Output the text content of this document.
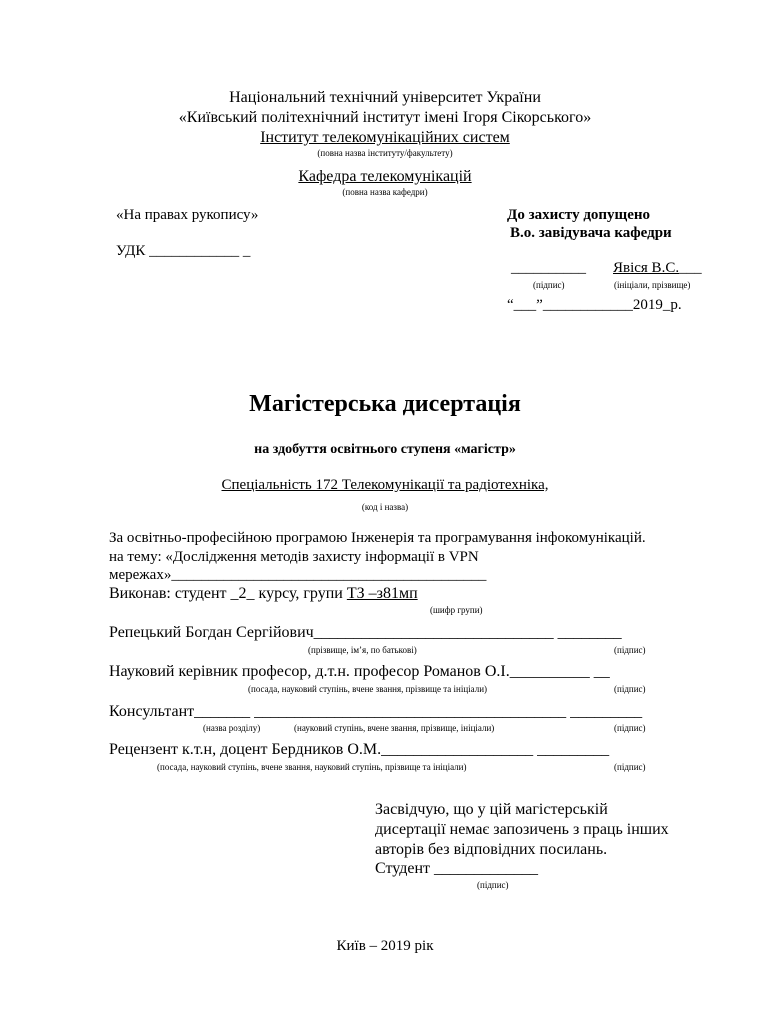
Національний технічний університет України
«Київський політехнічний інститут імені Ігоря Сікорського»
Інститут телекомунікаційних систем
(повна назва інституту/факультету)
Кафедра телекомунікацій
(повна назва кафедри)
«На правах рукопису»
УДК ____________ _
До захисту допущено
В.о. завідувача кафедри
__________ Явіся В.С.___
(підпис)	(ініціали, прізвище)
“___”____________2019_р.
Магістерська дисертація
на здобуття освітнього ступеня «магістр»
Спеціальність 172 Телекомунікації та радіотехніка,
(код і назва)
За освітньо-професійною програмою Інженерія та програмування інфокомунікацій.
на тему: «Дослідження методів захисту інформації в VPN
мережах»__________________________________________
Виконав: студент _2_ курсу, групи ТЗ –з81мп
(шифр групи)
Репецький Богдан Сергійович______________________________ ________
(прізвище, ім’я, по батькові)	(підпис)
Науковий керівник професор, д.т.н. професор Романов О.І.__________ __
(посада, науковий ступінь, вчене звання, прізвище та ініціали)	(підпис)
Консультант_______ _______________________________________ _________
(назва розділу)	(науковий ступінь, вчене звання, прізвище, ініціали)	(підпис)
Рецензент к.т.н, доцент Бердников О.М.___________________ _________
(посада, науковий ступінь, вчене звання, науковий ступінь, прізвище та ініціали)	(підпис)
Засвідчую, що у цій магістерській
дисертації немає запозичень з праць інших
авторів без відповідних посилань.
Студент _____________
(підпис)
Київ – 2019 рік
